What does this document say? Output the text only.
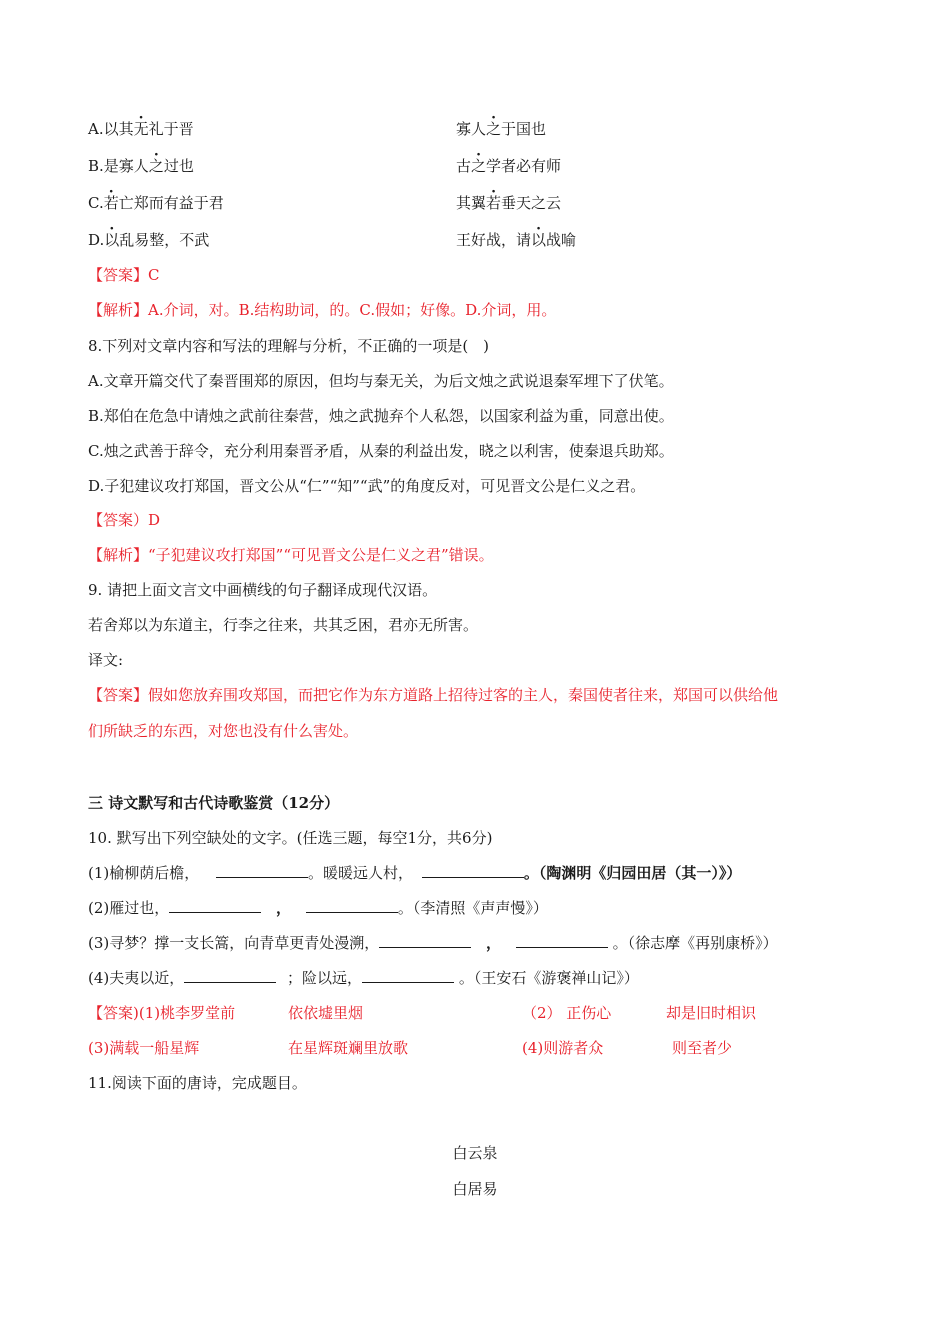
A.以其无礼于晋	寡人之于国也
B.是寡人之过也	古之学者必有师
C.若亡郑而有益于君	其翼若垂天之云
D.以乱易整，不武	王好战，请以战喻
【答案】C
【解析】A.介词，对。B.结构助词，的。C.假如；好像。D.介词，用。
8.下列对文章内容和写法的理解与分析，不正确的一项是(　)
A.文章开篇交代了秦晋围郑的原因，但均与秦无关，为后文烛之武说退秦军埋下了伏笔。
B.郑伯在危急中请烛之武前往秦营，烛之武抛弃个人私怨，以国家利益为重，同意出使。
C.烛之武善于辞令，充分利用秦晋矛盾，从秦的利益出发，晓之以利害，使秦退兵助郑。
D.子犯建议攻打郑国，晋文公从“仁”“知”“武”的角度反对，可见晋文公是仁义之君。
【答案）D
【解析】“子犯建议攻打郑国”“可见晋文公是仁义之君”错误。
9. 请把上面文言文中画横线的句子翻译成现代汉语。
若舍郑以为东道主，行李之往来，共其乏困，君亦无所害。
译文:
【答案】假如您放弃围攻郑国，而把它作为东方道路上招待过客的主人，秦国使者往来，郑国可以供给他
们所缺乏的东西，对您也没有什么害处。
三 诗文默写和古代诗歌鉴赏（12分）
10. 默写出下列空缺处的文字。(任选三题，每空1分，共6分)
(1)榆柳荫后檐，	。暖暖远人村，	。（陶渊明《归园田居（其一）》）
(2)雁过也，	，	。（李清照《声声慢》）
(3)寻梦？撑一支长篙，向青草更青处漫溯，	，	。（徐志摩《再别康桥》）
(4)夫夷以近，	；险以远，	。（王安石《游褒禅山记》）
【答案)(1)桃李罗堂前	依依墟里烟	（2） 正伤心	却是旧时相识
(3)满载一船星辉	在星辉斑斓里放歌	(4)则游者众	则至者少
11.阅读下面的唐诗，完成题目。
白云泉
白居易
